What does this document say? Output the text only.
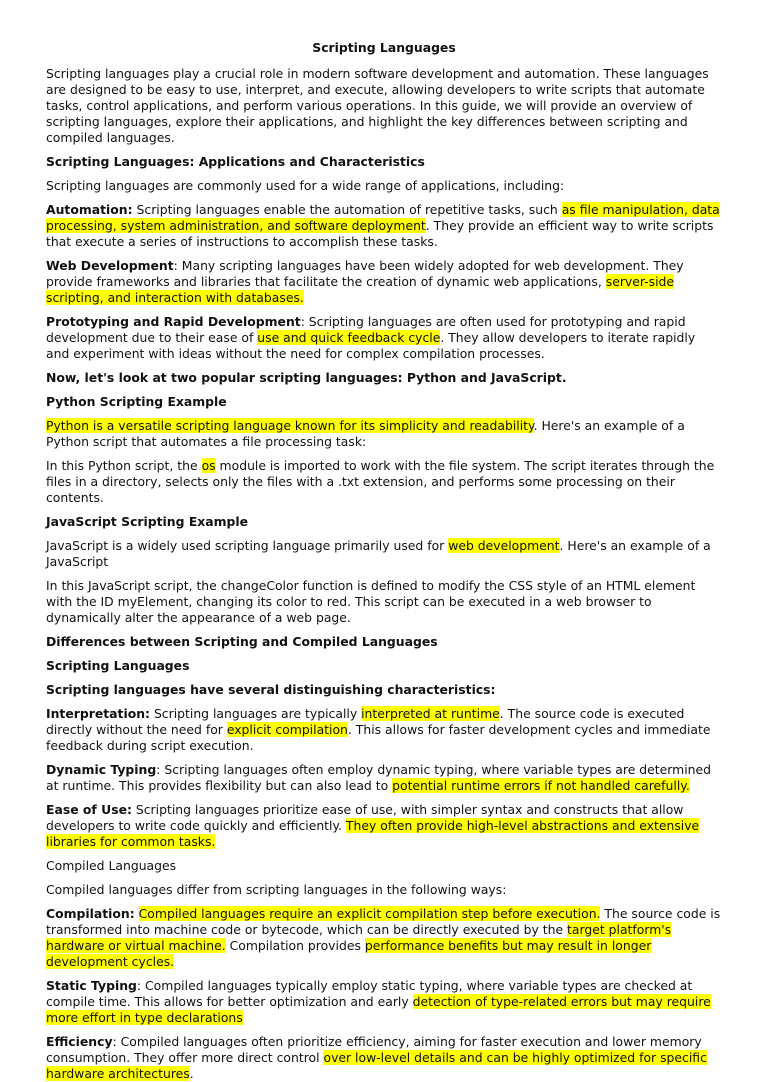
Scripting Languages

Scripting languages play a crucial role in modern software development and automation. These languages are designed to be easy to use, interpret, and execute, allowing developers to write scripts that automate tasks, control applications, and perform various operations. In this guide, we will provide an overview of scripting languages, explore their applications, and highlight the key differences between scripting and compiled languages.

Scripting Languages: Applications and Characteristics

Scripting languages are commonly used for a wide range of applications, including:

Automation: Scripting languages enable the automation of repetitive tasks, such as file manipulation, data processing, system administration, and software deployment. They provide an efficient way to write scripts that execute a series of instructions to accomplish these tasks.

Web Development: Many scripting languages have been widely adopted for web development. They provide frameworks and libraries that facilitate the creation of dynamic web applications, server-side scripting, and interaction with databases.

Prototyping and Rapid Development: Scripting languages are often used for prototyping and rapid development due to their ease of use and quick feedback cycle. They allow developers to iterate rapidly and experiment with ideas without the need for complex compilation processes.

Now, let's look at two popular scripting languages: Python and JavaScript.

Python Scripting Example

Python is a versatile scripting language known for its simplicity and readability. Here's an example of a Python script that automates a file processing task:

In this Python script, the os module is imported to work with the file system. The script iterates through the files in a directory, selects only the files with a .txt extension, and performs some processing on their contents.

JavaScript Scripting Example

JavaScript is a widely used scripting language primarily used for web development. Here's an example of a JavaScript

In this JavaScript script, the changeColor function is defined to modify the CSS style of an HTML element with the ID myElement, changing its color to red. This script can be executed in a web browser to dynamically alter the appearance of a web page.

Differences between Scripting and Compiled Languages

Scripting Languages

Scripting languages have several distinguishing characteristics:

Interpretation: Scripting languages are typically interpreted at runtime. The source code is executed directly without the need for explicit compilation. This allows for faster development cycles and immediate feedback during script execution.

Dynamic Typing: Scripting languages often employ dynamic typing, where variable types are determined at runtime. This provides flexibility but can also lead to potential runtime errors if not handled carefully.

Ease of Use: Scripting languages prioritize ease of use, with simpler syntax and constructs that allow developers to write code quickly and efficiently. They often provide high-level abstractions and extensive libraries for common tasks.

Compiled Languages

Compiled languages differ from scripting languages in the following ways:

Compilation: Compiled languages require an explicit compilation step before execution. The source code is transformed into machine code or bytecode, which can be directly executed by the target platform's hardware or virtual machine. Compilation provides performance benefits but may result in longer development cycles.

Static Typing: Compiled languages typically employ static typing, where variable types are checked at compile time. This allows for better optimization and early detection of type-related errors but may require more effort in type declarations

Efficiency: Compiled languages often prioritize efficiency, aiming for faster execution and lower memory consumption. They offer more direct control over low-level details and can be highly optimized for specific hardware architectures.
